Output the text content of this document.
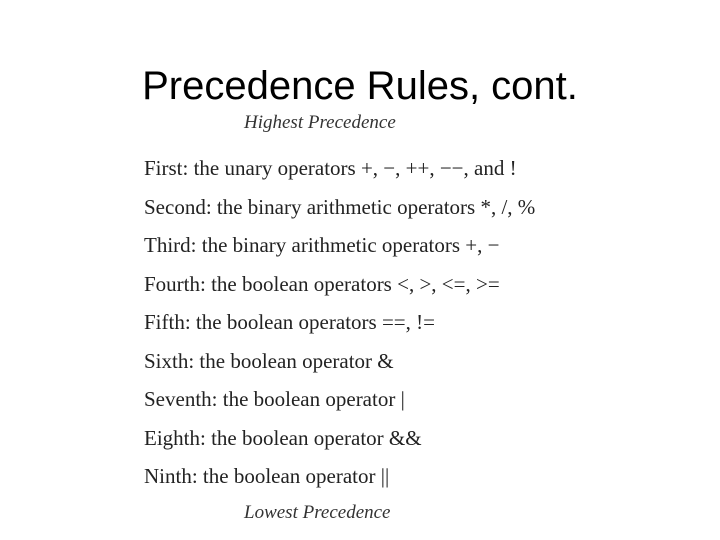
Precedence Rules, cont.
Highest Precedence
First: the unary operators +, −, ++, −−, and !
Second: the binary arithmetic operators *, /, %
Third: the binary arithmetic operators +, −
Fourth: the boolean operators <, >, <=, >=
Fifth: the boolean operators ==, !=
Sixth: the boolean operator &
Seventh: the boolean operator |
Eighth: the boolean operator &&
Ninth: the boolean operator ||
Lowest Precedence
